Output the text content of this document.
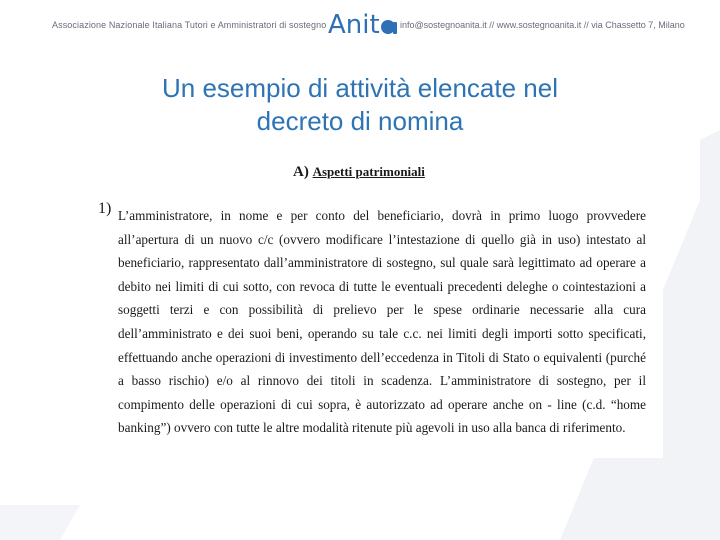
Associazione Nazionale Italiana Tutori e Amministratori di sostegno Anit	info@sostegnoanita.it // www.sostegnoanita.it // via Chassetto 7, Milano
Un esempio di attività elencate nel
decreto di nomina
A) Aspetti patrimoniali
1) L’amministratore, in nome e per conto del beneficiario, dovrà in primo luogo provvedere all’apertura di un nuovo c/c (ovvero modificare l’intestazione di quello già in uso) intestato al beneficiario, rappresentato dall’amministratore di sostegno, sul quale sarà legittimato ad operare a debito nei limiti di cui sotto, con revoca di tutte le eventuali precedenti deleghe o cointestazioni a soggetti terzi e con possibilità di prelievo per le spese ordinarie necessarie alla cura dell’amministrato e dei suoi beni, operando su tale c.c. nei limiti degli importi sotto specificati, effettuando anche operazioni di investimento dell’eccedenza in Titoli di Stato o equivalenti (purché a basso rischio) e/o al rinnovo dei titoli in scadenza. L’amministratore di sostegno, per il compimento delle operazioni di cui sopra, è autorizzato ad operare anche on - line (c.d. “home banking”) ovvero con tutte le altre modalità ritenute più agevoli in uso alla banca di riferimento.
